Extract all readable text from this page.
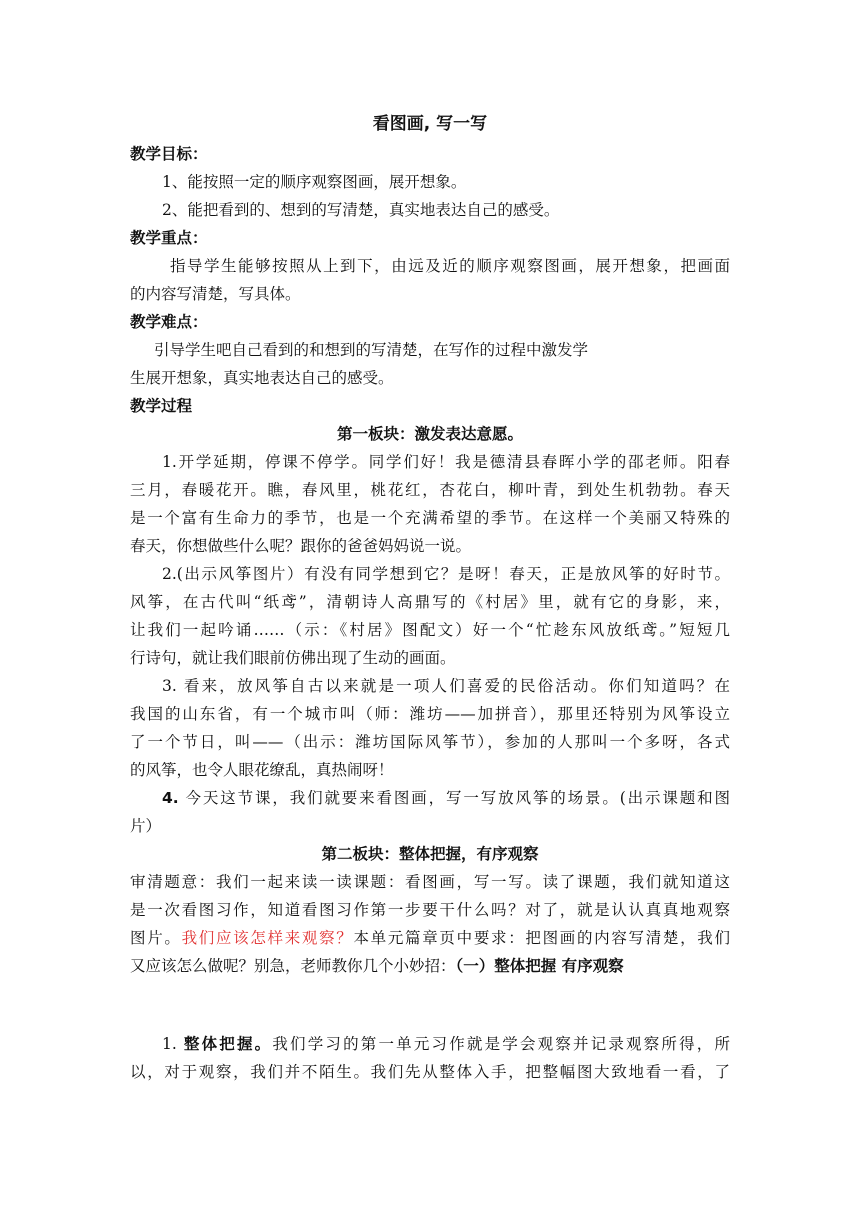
看图画, 写一写
教学目标：
1、能按照一定的顺序观察图画，展开想象。
2、能把看到的、想到的写清楚，真实地表达自己的感受。
教学重点：
指导学生能够按照从上到下，由远及近的顺序观察图画，展开想象，把画面
的内容写清楚，写具体。
教学难点：
引导学生吧自己看到的和想到的写清楚，在写作的过程中激发学
生展开想象，真实地表达自己的感受。
教学过程
第一板块：激发表达意愿。
1.开学延期，停课不停学。同学们好！我是德清县春晖小学的邵老师。阳春
三月，春暖花开。瞧，春风里，桃花红，杏花白，柳叶青，到处生机勃勃。春天
是一个富有生命力的季节，也是一个充满希望的季节。在这样一个美丽又特殊的
春天，你想做些什么呢？跟你的爸爸妈妈说一说。
2.(出示风筝图片）有没有同学想到它？是呀！春天，正是放风筝的好时节。
风筝，在古代叫“纸鸢”，清朝诗人高鼎写的《村居》里，就有它的身影，来，
让我们一起吟诵……（示：《村居》图配文）好一个“忙趁东风放纸鸢。”短短几
行诗句，就让我们眼前仿佛出现了生动的画面。
3. 看来，放风筝自古以来就是一项人们喜爱的民俗活动。你们知道吗？在
我国的山东省，有一个城市叫（师：潍坊——加拼音），那里还特别为风筝设立
了一个节日，叫——（出示：潍坊国际风筝节），参加的人那叫一个多呀，各式
的风筝，也令人眼花缭乱，真热闹呀！
4. 今天这节课，我们就要来看图画，写一写放风筝的场景。(出示课题和图
片）
第二板块：整体把握，有序观察
审清题意：我们一起来读一读课题：看图画，写一写。读了课题，我们就知道这
是一次看图习作，知道看图习作第一步要干什么吗？对了，就是认认真真地观察
图片。我们应该怎样来观察？本单元篇章页中要求：把图画的内容写清楚，我们
又应该怎么做呢？别急，老师教你几个小妙招：（一）整体把握 有序观察
1. 整体把握。我们学习的第一单元习作就是学会观察并记录观察所得，所
以，对于观察，我们并不陌生。我们先从整体入手，把整幅图大致地看一看，了
